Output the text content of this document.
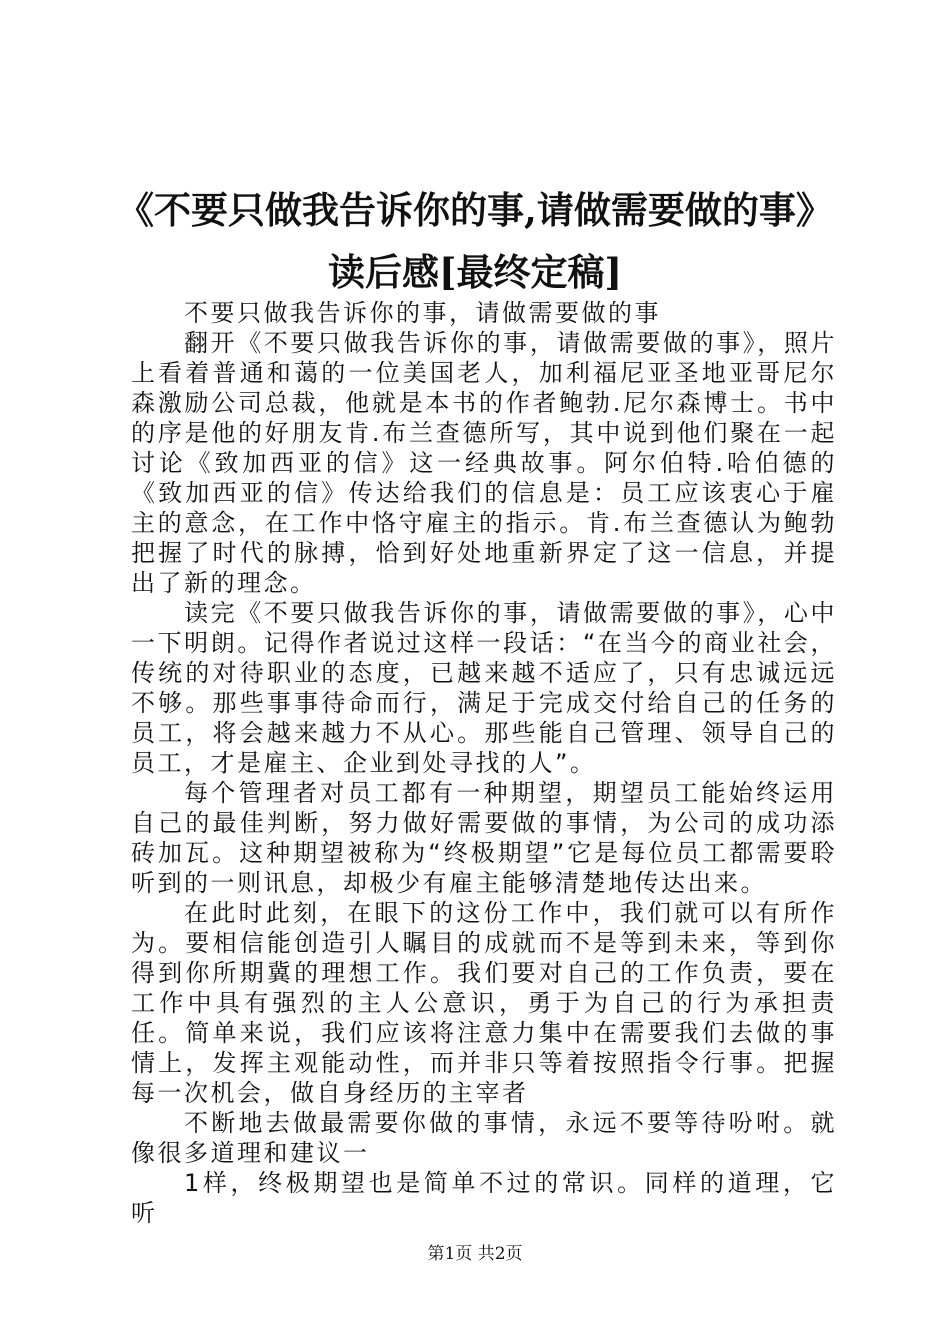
《不要只做我告诉你的事,请做需要做的事》
读后感[最终定稿]

不要只做我告诉你的事，请做需要做的事

翻开《不要只做我告诉你的事，请做需要做的事》，照片上看着普通和蔼的一位美国老人，加利福尼亚圣地亚哥尼尔森激励公司总裁，他就是本书的作者鲍勃.尼尔森博士。书中的序是他的好朋友肯.布兰查德所写，其中说到他们聚在一起讨论《致加西亚的信》这一经典故事。阿尔伯特.哈伯德的《致加西亚的信》传达给我们的信息是：员工应该衷心于雇主的意念，在工作中恪守雇主的指示。肯.布兰查德认为鲍勃把握了时代的脉搏，恰到好处地重新界定了这一信息，并提出了新的理念。

读完《不要只做我告诉你的事，请做需要做的事》，心中一下明朗。记得作者说过这样一段话：“在当今的商业社会，传统的对待职业的态度，已越来越不适应了，只有忠诚远远不够。那些事事待命而行，满足于完成交付给自己的任务的员工，将会越来越力不从心。那些能自己管理、领导自己的员工，才是雇主、企业到处寻找的人”。

每个管理者对员工都有一种期望，期望员工能始终运用自己的最佳判断，努力做好需要做的事情，为公司的成功添砖加瓦。这种期望被称为“终极期望”它是每位员工都需要聆听到的一则讯息，却极少有雇主能够清楚地传达出来。

在此时此刻，在眼下的这份工作中，我们就可以有所作为。要相信能创造引人瞩目的成就而不是等到未来，等到你得到你所期冀的理想工作。我们要对自己的工作负责，要在工作中具有强烈的主人公意识，勇于为自己的行为承担责任。简单来说，我们应该将注意力集中在需要我们去做的事情上，发挥主观能动性，而并非只等着按照指令行事。把握每一次机会，做自身经历的主宰者

不断地去做最需要你做的事情，永远不要等待吩咐。就像很多道理和建议一

1样，终极期望也是简单不过的常识。同样的道理，它听

第1页 共2页
